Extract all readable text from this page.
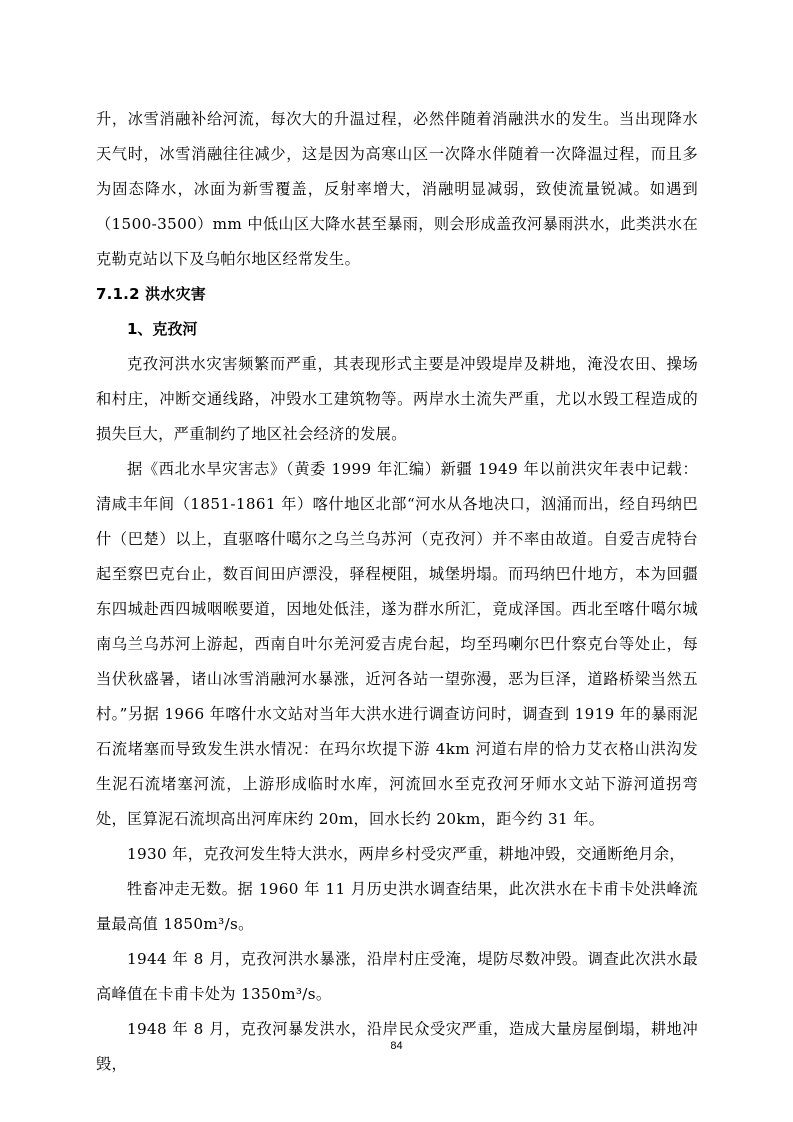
升，冰雪消融补给河流，每次大的升温过程，必然伴随着消融洪水的发生。当出现降水天气时，冰雪消融往往减少，这是因为高寒山区一次降水伴随着一次降温过程，而且多为固态降水，冰面为新雪覆盖，反射率增大，消融明显减弱，致使流量锐减。如遇到（1500-3500）mm 中低山区大降水甚至暴雨，则会形成盖孜河暴雨洪水，此类洪水在克勒克站以下及乌帕尔地区经常发生。

7.1.2 洪水灾害
1、克孜河

克孜河洪水灾害频繁而严重，其表现形式主要是冲毁堤岸及耕地，淹没农田、操场和村庄，冲断交通线路，冲毁水工建筑物等。两岸水土流失严重，尤以水毁工程造成的损失巨大，严重制约了地区社会经济的发展。

据《西北水旱灾害志》（黄委 1999 年汇编）新疆 1949 年以前洪灾年表中记载：清咸丰年间（1851-1861 年）喀什地区北部“河水从各地决口，汹涌而出，经自玛纳巴什（巴楚）以上，直驱喀什噶尔之乌兰乌苏河（克孜河）并不率由故道。自爱吉虎特台起至察巴克台止，数百间田庐漂没，驿程梗阻，城堡坍塌。而玛纳巴什地方，本为回疆东四城赴西四城咽喉要道，因地处低洼，遂为群水所汇，竟成泽国。西北至喀什噶尔城南乌兰乌苏河上游起，西南自叶尔羌河爱吉虎台起，均至玛喇尔巴什察克台等处止，每当伏秋盛暑，诸山冰雪消融河水暴涨，近河各站一望弥漫，恶为巨泽，道路桥梁当然五村。”另据 1966 年喀什水文站对当年大洪水进行调查访问时，调查到 1919 年的暴雨泥石流堵塞而导致发生洪水情况：在玛尔坎提下游 4km 河道右岸的恰力艾衣格山洪沟发生泥石流堵塞河流，上游形成临时水库，河流回水至克孜河牙师水文站下游河道拐弯处，匡算泥石流坝高出河库床约 20m，回水长约 20km，距今约 31 年。

1930 年，克孜河发生特大洪水，两岸乡村受灾严重，耕地冲毁，交通断绝月余，

牲畜冲走无数。据 1960 年 11 月历史洪水调查结果，此次洪水在卡甫卡处洪峰流量最高值 1850m³/s。

1944 年 8 月，克孜河洪水暴涨，沿岸村庄受淹，堤防尽数冲毁。调查此次洪水最高峰值在卡甫卡处为 1350m³/s。

1948 年 8 月，克孜河暴发洪水，沿岸民众受灾严重，造成大量房屋倒塌，耕地冲毁，

84
